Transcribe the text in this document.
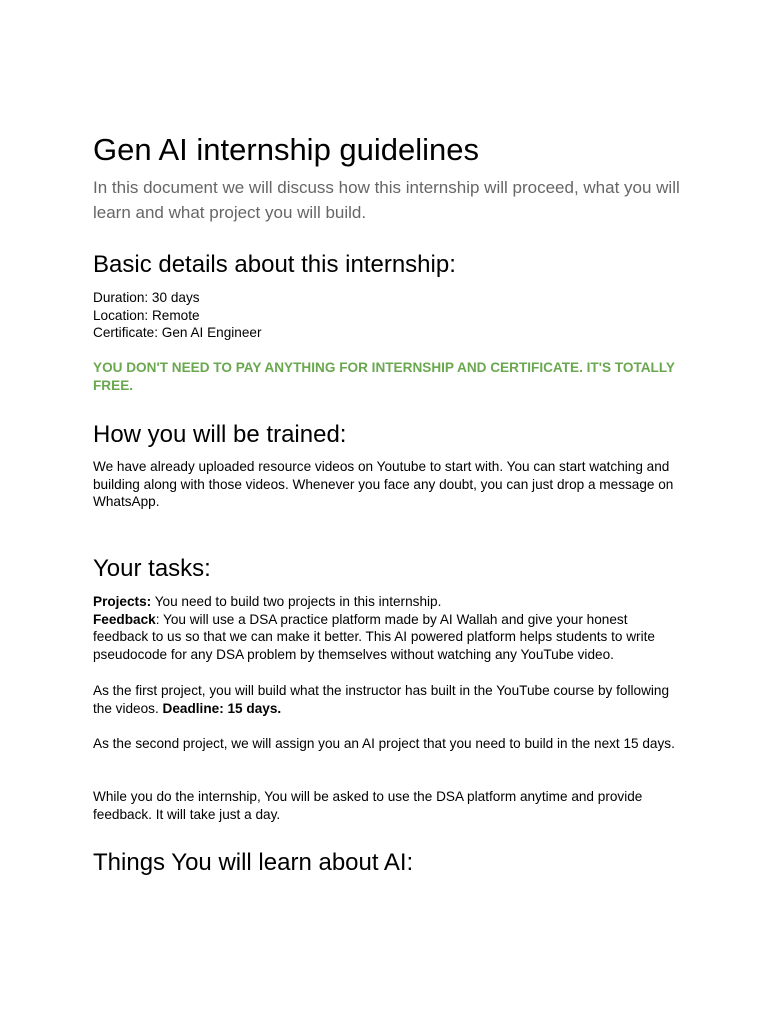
Gen AI internship guidelines

In this document we will discuss how this internship will proceed, what you will learn and what project you will build.

Basic details about this internship:
Duration: 30 days
Location: Remote
Certificate: Gen AI Engineer

YOU DON'T NEED TO PAY ANYTHING FOR INTERNSHIP AND CERTIFICATE. IT'S TOTALLY FREE.

How you will be trained:

We have already uploaded resource videos on Youtube to start with. You can start watching and building along with those videos. Whenever you face any doubt, you can just drop a message on WhatsApp.

Your tasks:

Projects: You need to build two projects in this internship.
Feedback: You will use a DSA practice platform made by AI Wallah and give your honest feedback to us so that we can make it better. This AI powered platform helps students to write pseudocode for any DSA problem by themselves without watching any YouTube video.

As the first project, you will build what the instructor has built in the YouTube course by following the videos. Deadline: 15 days.

As the second project, we will assign you an AI project that you need to build in the next 15 days.

While you do the internship, You will be asked to use the DSA platform anytime and provide feedback. It will take just a day.

Things You will learn about AI:
